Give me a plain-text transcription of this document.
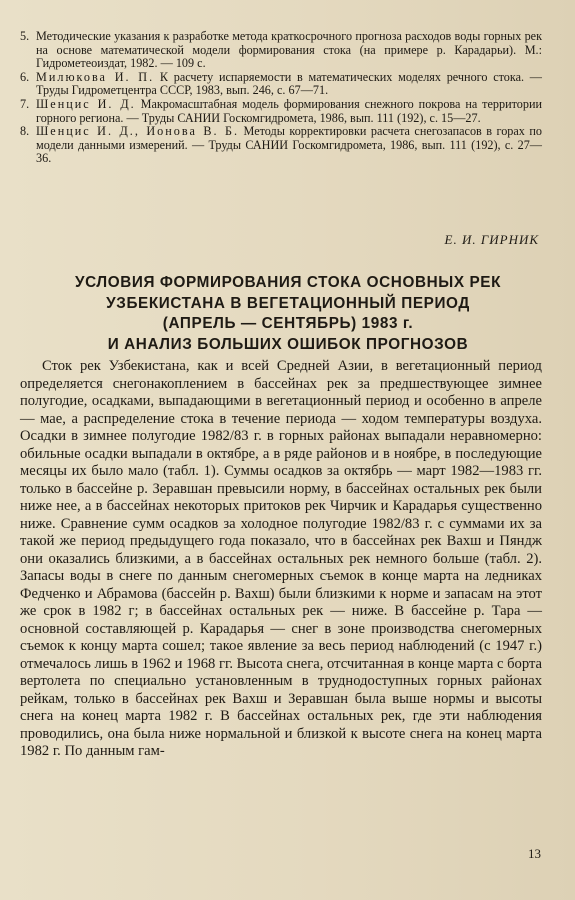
5. Методические указания к разработке метода краткосрочного прогноза расходов воды горных рек на основе математической модели формирования стока (на примере р. Карадарьи). М.: Гидрометеоиздат, 1982. — 109 с.
6. Милюкова И. П. К расчету испаряемости в математических моделях речного стока. — Труды Гидрометцентра СССР, 1983, вып. 246, с. 67—71.
7. Шенцис И. Д. Макромасштабная модель формирования снежного покрова на территории горного региона. — Труды САНИИ Госкомгидромета, 1986, вып. 111 (192), с. 15—27.
8. Шенцис И. Д., Ионова В. Б. Методы корректировки расчета снегозапасов в горах по модели данными измерений. — Труды САНИИ Госкомгидромета, 1986, вып. 111 (192), с. 27—36.
Е. И. ГИРНИК
УСЛОВИЯ ФОРМИРОВАНИЯ СТОКА ОСНОВНЫХ РЕК
УЗБЕКИСТАНА В ВЕГЕТАЦИОННЫЙ ПЕРИОД
(АПРЕЛЬ — СЕНТЯБРЬ) 1983 г.
И АНАЛИЗ БОЛЬШИХ ОШИБОК ПРОГНОЗОВ

Сток рек Узбекистана, как и всей Средней Азии, в вегетационный период определяется снегонакоплением в бассейнах рек за предшествующее зимнее полугодие, осадками, выпадающими в вегетационный период и особенно в апреле — мае, а распределение стока в течение периода — ходом температуры воздуха. Осадки в зимнее полугодие 1982/83 г. в горных районах выпадали неравномерно: обильные осадки выпадали в октябре, а в ряде районов и в ноябре, в последующие месяцы их было мало (табл. 1). Суммы осадков за октябрь — март 1982—1983 гг. только в бассейне р. Зеравшан превысили норму, в бассейнах остальных рек были ниже нее, а в бассейнах некоторых притоков рек Чирчик и Карадарья существенно ниже. Сравнение сумм осадков за холодное полугодие 1982/83 г. с суммами их за такой же период предыдущего года показало, что в бассейнах рек Вахш и Пяндж они оказались близкими, а в бассейнах остальных рек немного больше (табл. 2). Запасы воды в снеге по данным снегомерных съемок в конце марта на ледниках Федченко и Абрамова (бассейн р. Вахш) были близкими к норме и запасам на этот же срок в 1982 г; в бассейнах остальных рек — ниже. В бассейне р. Тара — основной составляющей р. Карадарья — снег в зоне производства снегомерных съемок к концу марта сошел; такое явление за весь период наблюдений (с 1947 г.) отмечалось лишь в 1962 и 1968 гг. Высота снега, отсчитанная в конце марта с борта вертолета по специально установленным в труднодоступных горных районах рейкам, только в бассейнах рек Вахш и Зеравшан была выше нормы и высоты снега на конец марта 1982 г. В бассейнах остальных рек, где эти наблюдения проводились, она была ниже нормальной и близкой к высоте снега на конец марта 1982 г. По данным гам-

13
